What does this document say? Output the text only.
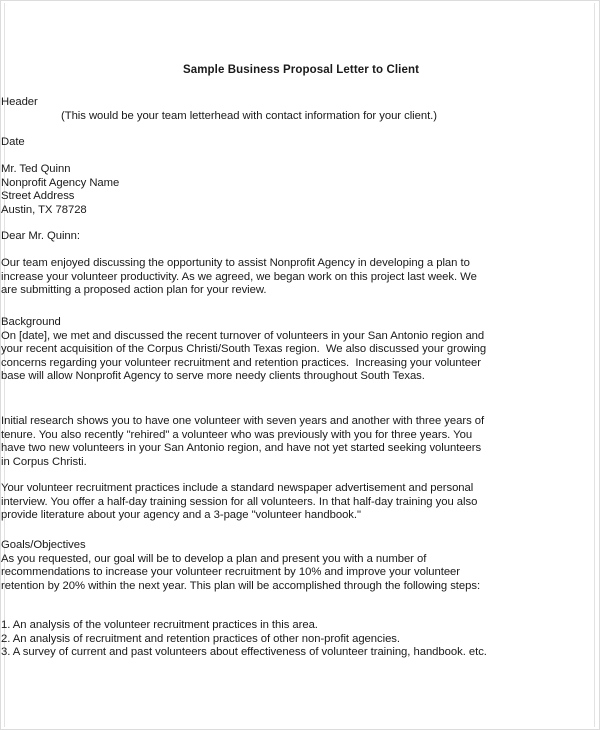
Sample Business Proposal Letter to Client
Header
(This would be your team letterhead with contact information for your client.)
Date
Mr. Ted Quinn
Nonprofit Agency Name
Street Address
Austin, TX 78728
Dear Mr. Quinn:
Our team enjoyed discussing the opportunity to assist Nonprofit Agency in developing a plan to increase your volunteer productivity. As we agreed, we began work on this project last week. We are submitting a proposed action plan for your review.
Background
On [date], we met and discussed the recent turnover of volunteers in your San Antonio region and your recent acquisition of the Corpus Christi/South Texas region.  We also discussed your growing concerns regarding your volunteer recruitment and retention practices.  Increasing your volunteer base will allow Nonprofit Agency to serve more needy clients throughout South Texas.
Initial research shows you to have one volunteer with seven years and another with three years of tenure. You also recently "rehired" a volunteer who was previously with you for three years. You have two new volunteers in your San Antonio region, and have not yet started seeking volunteers in Corpus Christi.
Your volunteer recruitment practices include a standard newspaper advertisement and personal interview. You offer a half-day training session for all volunteers. In that half-day training you also provide literature about your agency and a 3-page "volunteer handbook."
Goals/Objectives
As you requested, our goal will be to develop a plan and present you with a number of recommendations to increase your volunteer recruitment by 10% and improve your volunteer retention by 20% within the next year. This plan will be accomplished through the following steps:
1. An analysis of the volunteer recruitment practices in this area.
2. An analysis of recruitment and retention practices of other non-profit agencies.
3. A survey of current and past volunteers about effectiveness of volunteer training, handbook. etc.
